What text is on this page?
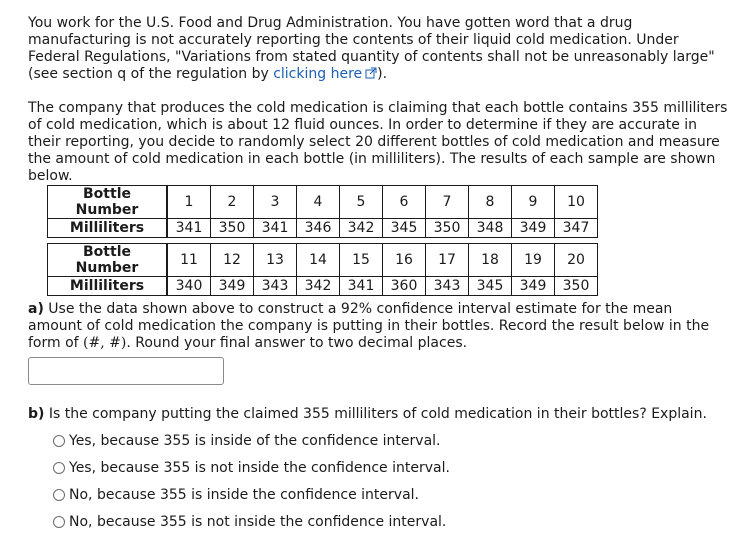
You work for the U.S. Food and Drug Administration. You have gotten word that a drug manufacturing is not accurately reporting the contents of their liquid cold medication. Under Federal Regulations, "Variations from stated quantity of contents shall not be unreasonably large" (see section q of the regulation by clicking here ).

The company that produces the cold medication is claiming that each bottle contains 355 milliliters of cold medication, which is about 12 fluid ounces. In order to determine if they are accurate in their reporting, you decide to randomly select 20 different bottles of cold medication and measure the amount of cold medication in each bottle (in milliliters). The results of each sample are shown below.

Bottle Number	1	2	3	4	5	6	7	8	9	10
Milliliters	341	350	341	346	342	345	350	348	349	347
Bottle Number	11	12	13	14	15	16	17	18	19	20
Milliliters	340	349	343	342	341	360	343	345	349	350

a) Use the data shown above to construct a 92% confidence interval estimate for the mean amount of cold medication the company is putting in their bottles. Record the result below in the form of (#, #). Round your final answer to two decimal places.

b) Is the company putting the claimed 355 milliliters of cold medication in their bottles? Explain.

Yes, because 355 is inside of the confidence interval.
Yes, because 355 is not inside the confidence interval.
No, because 355 is inside the confidence interval.
No, because 355 is not inside the confidence interval.
